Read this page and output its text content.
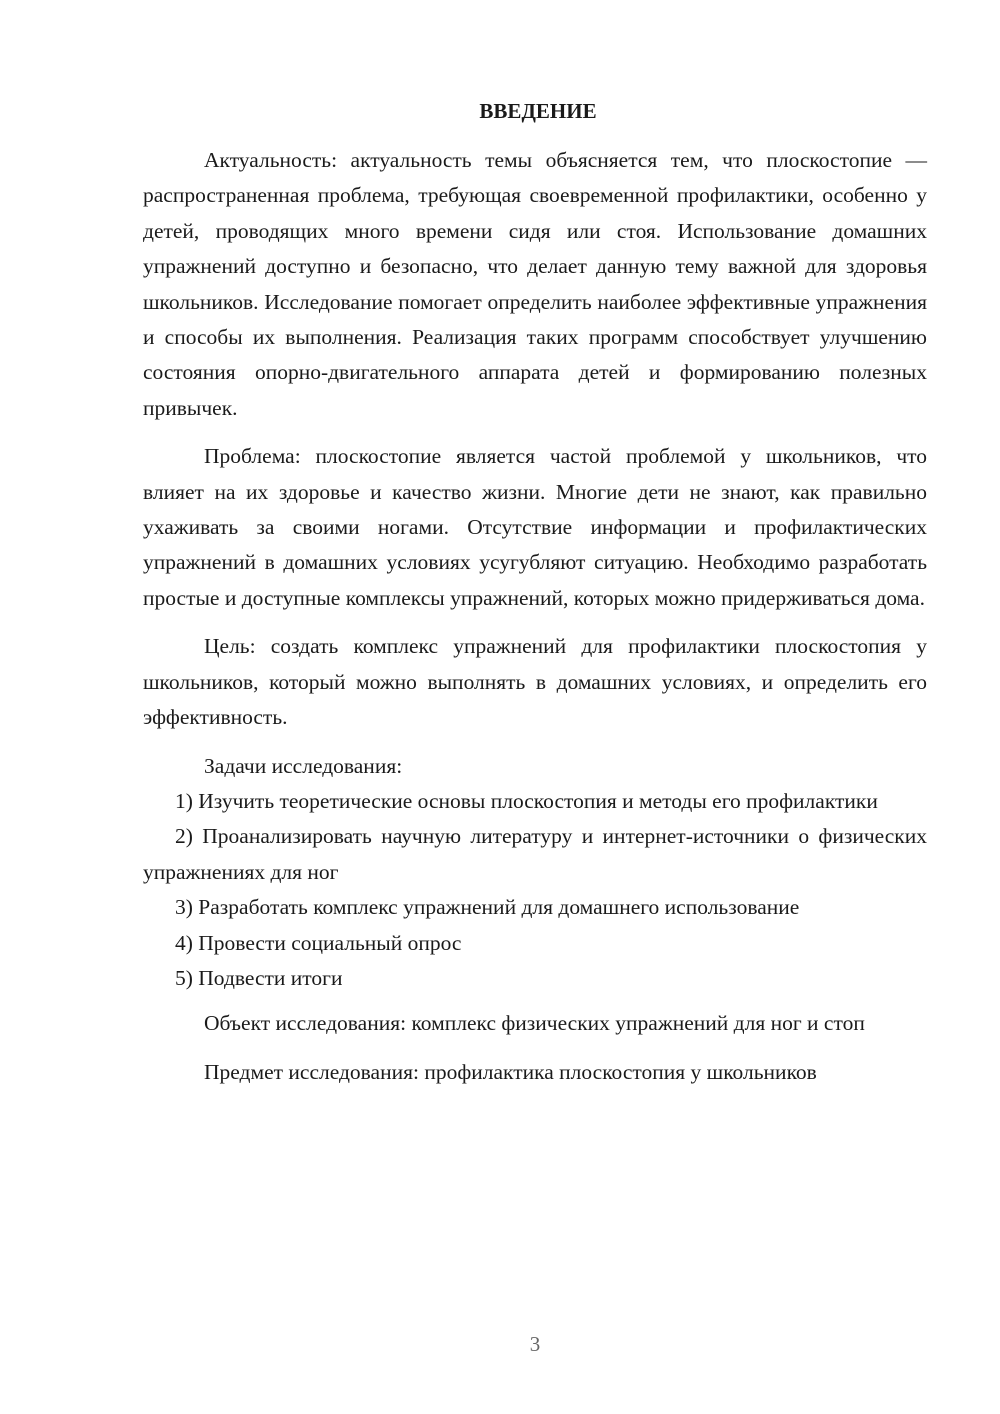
ВВЕДЕНИЕ

Актуальность: актуальность темы объясняется тем, что плоскостопие — распространенная проблема, требующая своевременной профилактики, особенно у детей, проводящих много времени сидя или стоя. Использование домашних упражнений доступно и безопасно, что делает данную тему важной для здоровья школьников. Исследование помогает определить наиболее эффективные упражнения и способы их выполнения. Реализация таких программ способствует улучшению состояния опорно-двигательного аппарата детей и формированию полезных привычек.

Проблема: плоскостопие является частой проблемой у школьников, что влияет на их здоровье и качество жизни. Многие дети не знают, как правильно ухаживать за своими ногами. Отсутствие информации и профилактических упражнений в домашних условиях усугубляют ситуацию. Необходимо разработать простые и доступные комплексы упражнений, которых можно придерживаться дома.

Цель: создать комплекс упражнений для профилактики плоскостопия у школьников, который можно выполнять в домашних условиях, и определить его эффективность.

Задачи исследования:

1) Изучить теоретические основы плоскостопия и методы его профилактики

2) Проанализировать научную литературу и интернет-источники о физических упражнениях для ног

3) Разработать комплекс упражнений для домашнего использование

4) Провести социальный опрос

5) Подвести итоги

Объект исследования: комплекс физических упражнений для ног и стоп

Предмет исследования: профилактика плоскостопия у школьников

3
